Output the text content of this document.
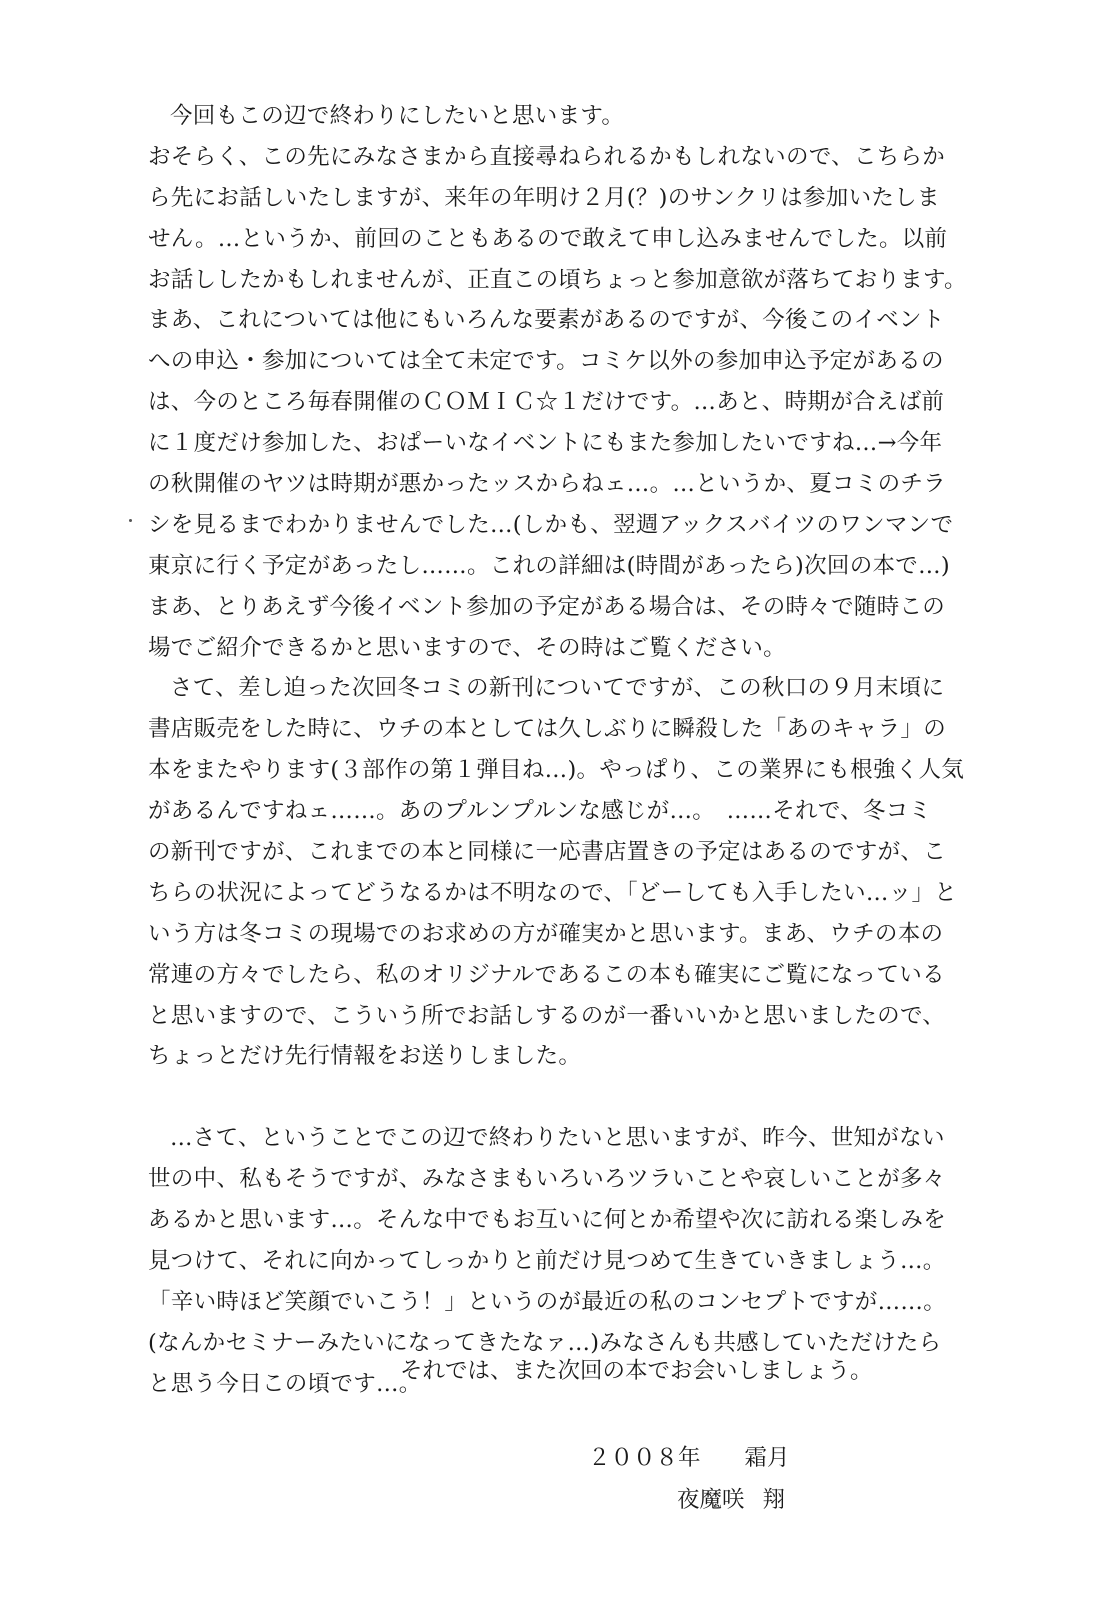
今回もこの辺で終わりにしたいと思います。
おそらく、この先にみなさまから直接尋ねられるかもしれないので、こちらか
ら先にお話しいたしますが、来年の年明け２月(？)のサンクリは参加いたしま
せん。…というか、前回のこともあるので敢えて申し込みませんでした。以前
お話ししたかもしれませんが、正直この頃ちょっと参加意欲が落ちております。
まあ、これについては他にもいろんな要素があるのですが、今後このイベント
への申込・参加については全て未定です。コミケ以外の参加申込予定があるの
は、今のところ毎春開催のＣＯＭＩＣ☆１だけです。…あと、時期が合えば前
に１度だけ参加した、おぱーいなイベントにもまた参加したいですね…→今年
の秋開催のヤツは時期が悪かったッスからねェ…。…というか、夏コミのチラ
シを見るまでわかりませんでした…(しかも、翌週アックスバイツのワンマンで
東京に行く予定があったし……。これの詳細は(時間があったら)次回の本で…)
まあ、とりあえず今後イベント参加の予定がある場合は、その時々で随時この
場でご紹介できるかと思いますので、その時はご覧ください。
さて、差し迫った次回冬コミの新刊についてですが、この秋口の９月末頃に
書店販売をした時に、ウチの本としては久しぶりに瞬殺した「あのキャラ」の
本をまたやります(３部作の第１弾目ね…)。やっぱり、この業界にも根強く人気
があるんですねェ……。あのプルンプルンな感じが…。　……それで、冬コミ
の新刊ですが、これまでの本と同様に一応書店置きの予定はあるのですが、こ
ちらの状況によってどうなるかは不明なので、「どーしても入手したい…ッ」と
いう方は冬コミの現場でのお求めの方が確実かと思います。まあ、ウチの本の
常連の方々でしたら、私のオリジナルであるこの本も確実にご覧になっている
と思いますので、こういう所でお話しするのが一番いいかと思いましたので、
ちょっとだけ先行情報をお送りしました。
…さて、ということでこの辺で終わりたいと思いますが、昨今、世知がない
世の中、私もそうですが、みなさまもいろいろツラいことや哀しいことが多々
あるかと思います…。そんな中でもお互いに何とか希望や次に訪れる楽しみを
見つけて、それに向かってしっかりと前だけ見つめて生きていきましょう…。
「辛い時ほど笑顔でいこう！」というのが最近の私のコンセプトですが……。
(なんかセミナーみたいになってきたなァ…)みなさんも共感していただけたら
と思う今日この頃です…。
それでは、また次回の本でお会いしましょう。
２００８年 霜月
夜魔咲 翔
